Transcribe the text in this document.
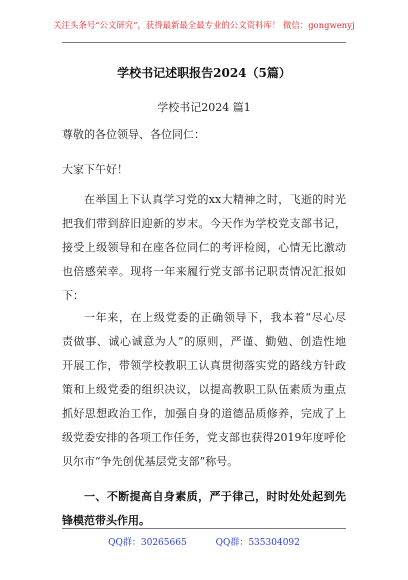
关注头条号“公文研究”，获得最新最全最专业的公文资料库！ 微信：gongwenyj
学校书记述职报告2024（5篇）
学校书记2024 篇1
尊敬的各位领导、各位同仁：
大家下午好！
在举国上下认真学习党的xx大精神之时，飞逝的时光
把我们带到辞旧迎新的岁末。今天作为学校党支部书记，
接受上级领导和在座各位同仁的考评检阅，心情无比激动
也倍感荣幸。现将一年来履行党支部书记职责情况汇报如
下：
一年来，在上级党委的正确领导下，我本着“尽心尽
责做事、诚心诚意为人”的原则，严谨、勤勉、创造性地
开展工作，带领学校教职工认真贯彻落实党的路线方针政
策和上级党委的组织决议，以提高教职工队伍素质为重点
抓好思想政治工作，加强自身的道德品质修养，完成了上
级党委安排的各项工作任务，党支部也获得2019年度呼伦
贝尔市“争先创优基层党支部”称号。
QQ群：30265665	QQ群：535304092
一、不断提高自身素质，严于律己，时时处处起到先
锋模范带头作用。
